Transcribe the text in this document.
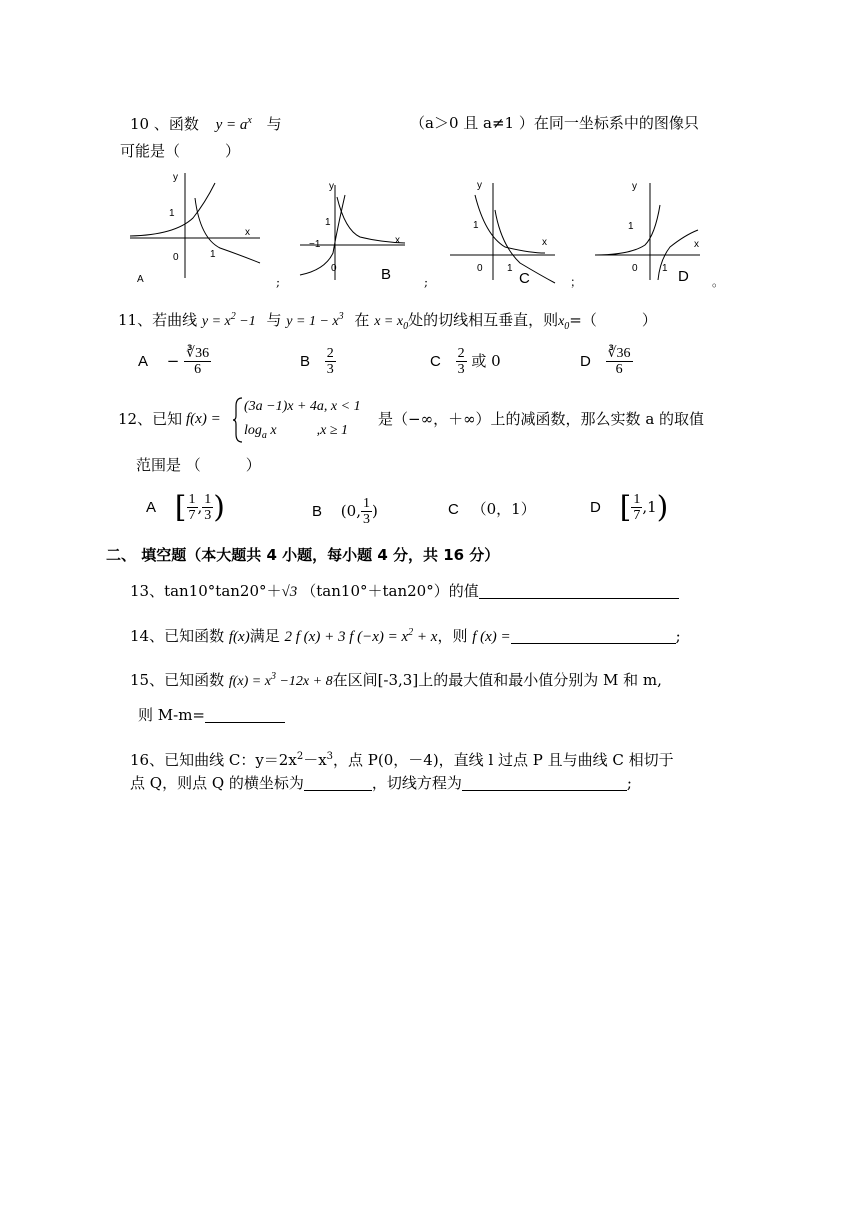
10 、函数 $y = a^x$ 与	（a＞0 且 a≠1 ）在同一坐标系中的图像只
可能是（　　　）
y
x
1
0	1
A	;
y
x
1
−1
0	B	;
y
x
1
0 1
C	；
y
x
1
0 1 D 。
11、若曲线 $y = x^2 -1$ 与 $y = 1 - x^3$ 在 $x = x_0$处的切线相互垂直，则$x_0=$（　　　）
$A - \frac{∛36}{6}$	B $\frac{2}{3}$	C $\frac{2}{3}$ 或 0	D $\frac{∛36}{6}$
12、已知 f(x) =
(3a −1)x + 4a, x < 1
$\log_a x$	,x ≥ 1
是（−∞，＋∞）上的减函数，那么实数 a 的取值
范围是 （　　　）
A [ $\frac{1}{7}$ , $\frac{1}{3}$ )	B (0, $\frac{1}{3}$ )	C （0，1）	D [ $\frac{1}{7} ,1$)
二、 填空题（本大题共 4 小题，每小题 4 分，共 16 分）
13、tan10°tan20°＋√3 （tan10°＋tan20°）的值
14、已知函数 f(x)满足 2 f (x) + 3 f $(-x) = x^2 + x$，则 f (x) =	;
15、已知函数 $f(x) = x^3 -12x + 8$在区间[-3,3]上的最大值和最小值分别为 M 和 m,
则 M-m=
16、已知曲线 C：$y=2x^2-x^3$，点 P(0，－4)，直线 l 过点 P 且与曲线 C 相切于
点 Q，则点 Q 的横坐标为	，切线方程为	;
